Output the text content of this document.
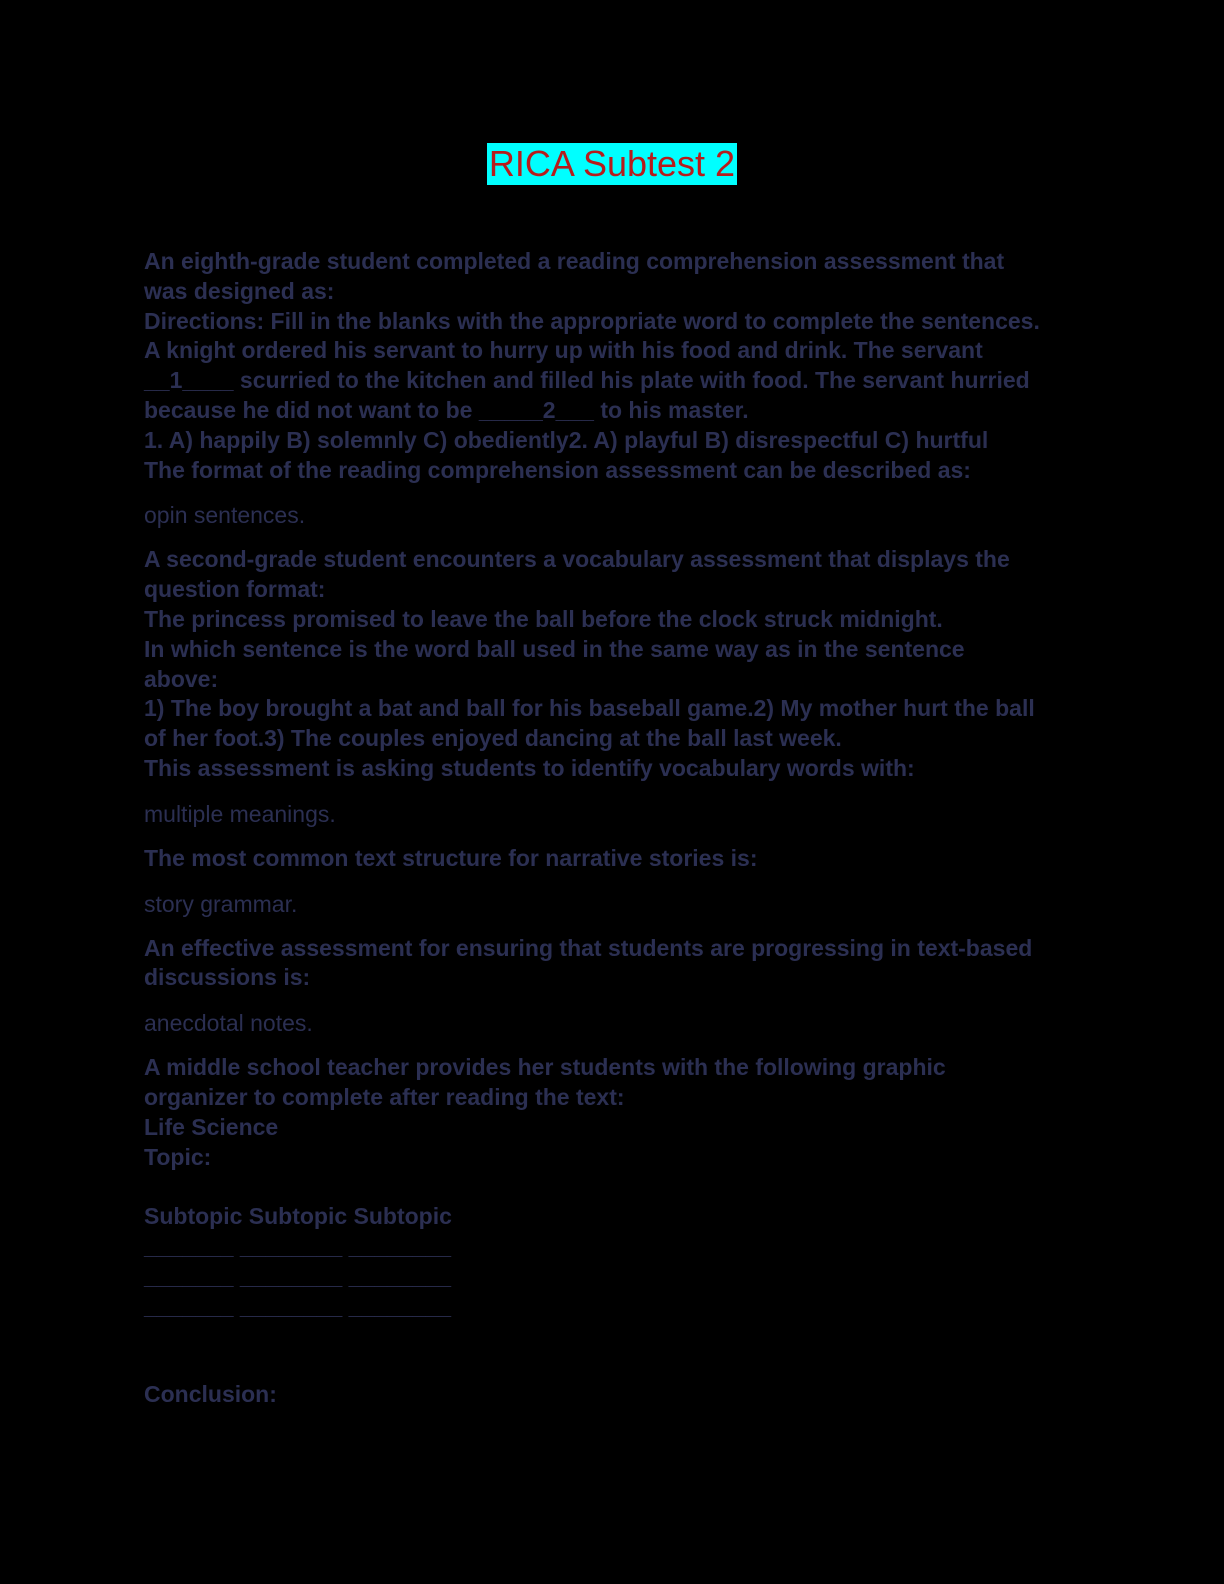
RICA Subtest 2
An eighth-grade student completed a reading comprehension assessment that
was designed as:
Directions: Fill in the blanks with the appropriate word to complete the sentences.
A knight ordered his servant to hurry up with his food and drink. The servant
__1____ scurried to the kitchen and filled his plate with food. The servant hurried
because he did not want to be _____2___ to his master.
1. A) happily B) solemnly C) obediently2. A) playful B) disrespectful C) hurtful
The format of the reading comprehension assessment can be described as:
opin sentences.
A second-grade student encounters a vocabulary assessment that displays the
question format:
The princess promised to leave the ball before the clock struck midnight.
In which sentence is the word ball used in the same way as in the sentence
above:
1) The boy brought a bat and ball for his baseball game.2) My mother hurt the ball
of her foot.3) The couples enjoyed dancing at the ball last week.
This assessment is asking students to identify vocabulary words with:
multiple meanings.
The most common text structure for narrative stories is:
story grammar.
An effective assessment for ensuring that students are progressing in text-based
discussions is:
anecdotal notes.
A middle school teacher provides her students with the following graphic
organizer to complete after reading the text:
Life Science
Topic:
Subtopic Subtopic Subtopic
_______ ________ ________
_______ ________ ________
_______ ________ ________
Conclusion:
